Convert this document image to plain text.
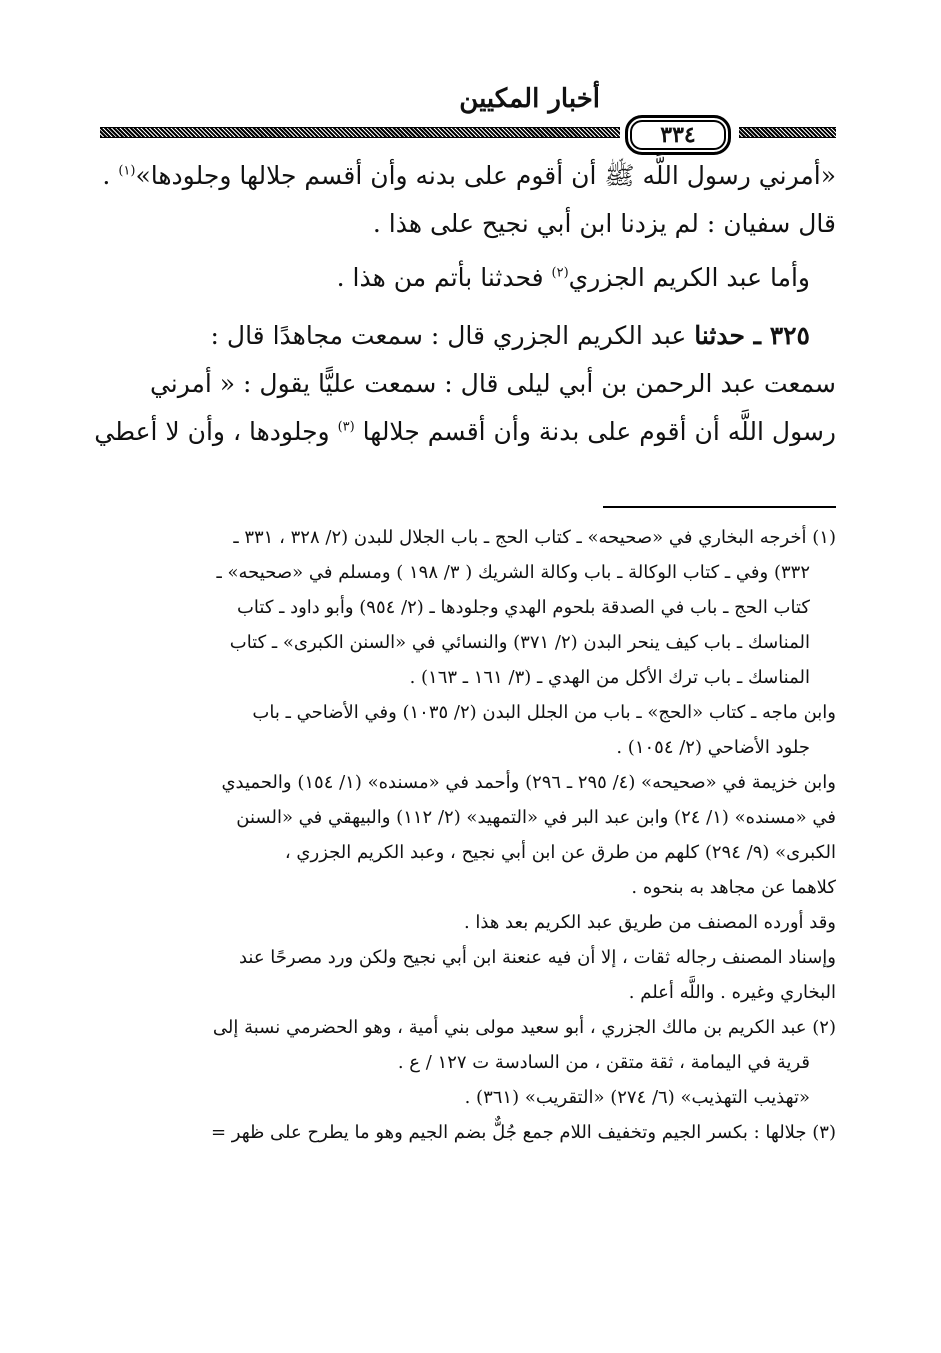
أخبار المكيين
٣٣٤
«أمرني رسول اللَّه ﷺ أن أقوم على بدنه وأن أقسم جلالها وجلودها»$^{(١)}$ .
قال سفيان : لم يزدنا ابن أبي نجيح على هذا .
وأما عبد الكريم الجزري$^{(٢)}$ فحدثنا بأتم من هذا .
٣٢٥ ـ حدثنا عبد الكريم الجزري قال : سمعت مجاهدًا قال :
سمعت عبد الرحمن بن أبي ليلى قال : سمعت عليًّا يقول : « أمرني
رسول اللَّه أن أقوم على بدنة وأن أقسم جلالها $^{(٣)}$ وجلودها ، وأن لا أعطي
(١) أخرجه البخاري في «صحيحه» ـ كتاب الحج ـ باب الجلال للبدن (٢/ ٣٢٨ ، ٣٣١ ـ
٣٣٢) وفي ـ كتاب الوكالة ـ باب وكالة الشريك ( ٣/ ١٩٨ ) ومسلم في «صحيحه» ـ
كتاب الحج ـ باب في الصدقة بلحوم الهدي وجلودها ـ (٢/ ٩٥٤) وأبو داود ـ كتاب
المناسك ـ باب كيف ينحر البدن (٢/ ٣٧١) والنسائي في «السنن الكبرى» ـ كتاب
المناسك ـ باب ترك الأكل من الهدي ـ (٣/ ١٦١ ـ ١٦٣) .
وابن ماجه ـ كتاب «الحج» ـ باب من الجلل البدن (٢/ ١٠٣٥) وفي الأضاحي ـ باب
جلود الأضاحي (٢/ ١٠٥٤) .
وابن خزيمة في «صحيحه» (٤/ ٢٩٥ ـ ٢٩٦) وأحمد في «مسنده» (١/ ١٥٤) والحميدي
في «مسنده» (١/ ٢٤) وابن عبد البر في «التمهيد» (٢/ ١١٢) والبيهقي في «السنن
الكبرى» (٩/ ٢٩٤) كلهم من طرق عن ابن أبي نجيح ، وعبد الكريم الجزري ،
كلاهما عن مجاهد به بنحوه .
وقد أورده المصنف من طريق عبد الكريم بعد هذا .
وإسناد المصنف رجاله ثقات ، إلا أن فيه عنعنة ابن أبي نجيح ولكن ورد مصرحًا عند
البخاري وغيره . واللَّه أعلم .
(٢) عبد الكريم بن مالك الجزري ، أبو سعيد مولى بني أمية ، وهو الحضرمي نسبة إلى
قرية في اليمامة ، ثقة متقن ، من السادسة ت ١٢٧ / ع .
«تهذيب التهذيب» (٦/ ٢٧٤) «التقريب» (٣٦١) .
(٣) جلالها : بكسر الجيم وتخفيف اللام جمع جُلٌّ بضم الجيم وهو ما يطرح على ظهر =
